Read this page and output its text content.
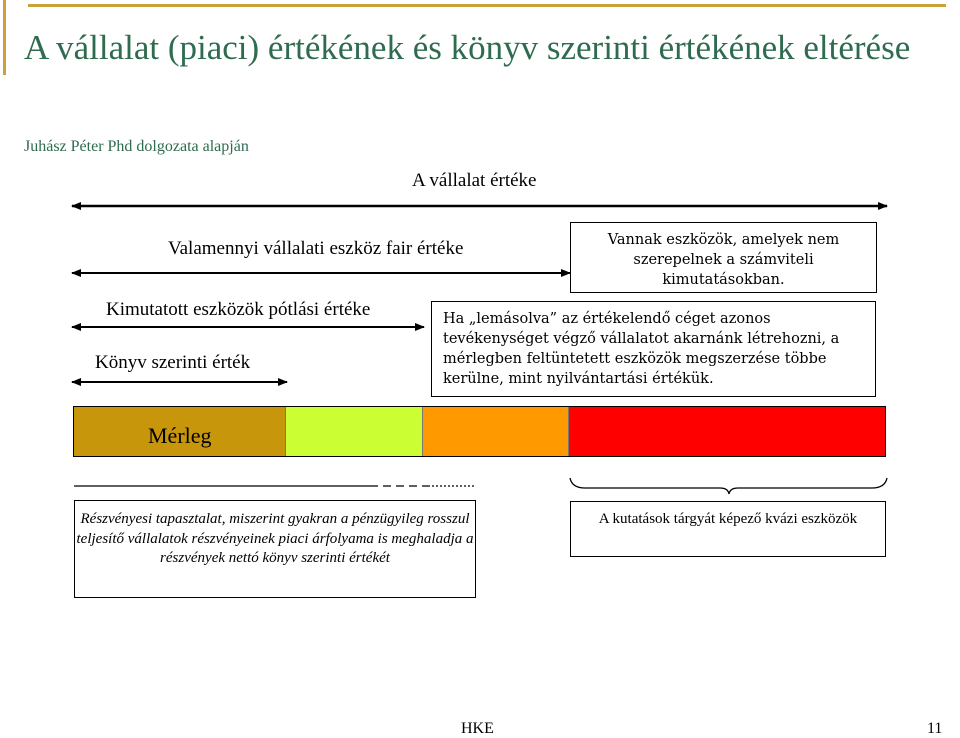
A vállalat (piaci) értékének és könyv szerinti értékének eltérése
Juhász Péter Phd dolgozata alapján
A vállalat értéke
Valamennyi vállalati eszköz fair értéke
Kimutatott eszközök pótlási értéke
Könyv szerinti érték
Vannak eszközök, amelyek nem szerepelnek a számviteli kimutatásokban.
Ha „lemásolva” az értékelendő céget azonos tevékenységet végző vállalatot akarnánk létrehozni, a mérlegben feltüntetett eszközök megszerzése többe kerülne, mint nyilvántartási értékük.
Mérleg
Részvényesi tapasztalat, miszerint gyakran a pénzügyileg rosszul teljesítő vállalatok részvényeinek piaci árfolyama is meghaladja a részvények nettó könyv szerinti értékét
A kutatások tárgyát képező kvázi eszközök
HKE	11
